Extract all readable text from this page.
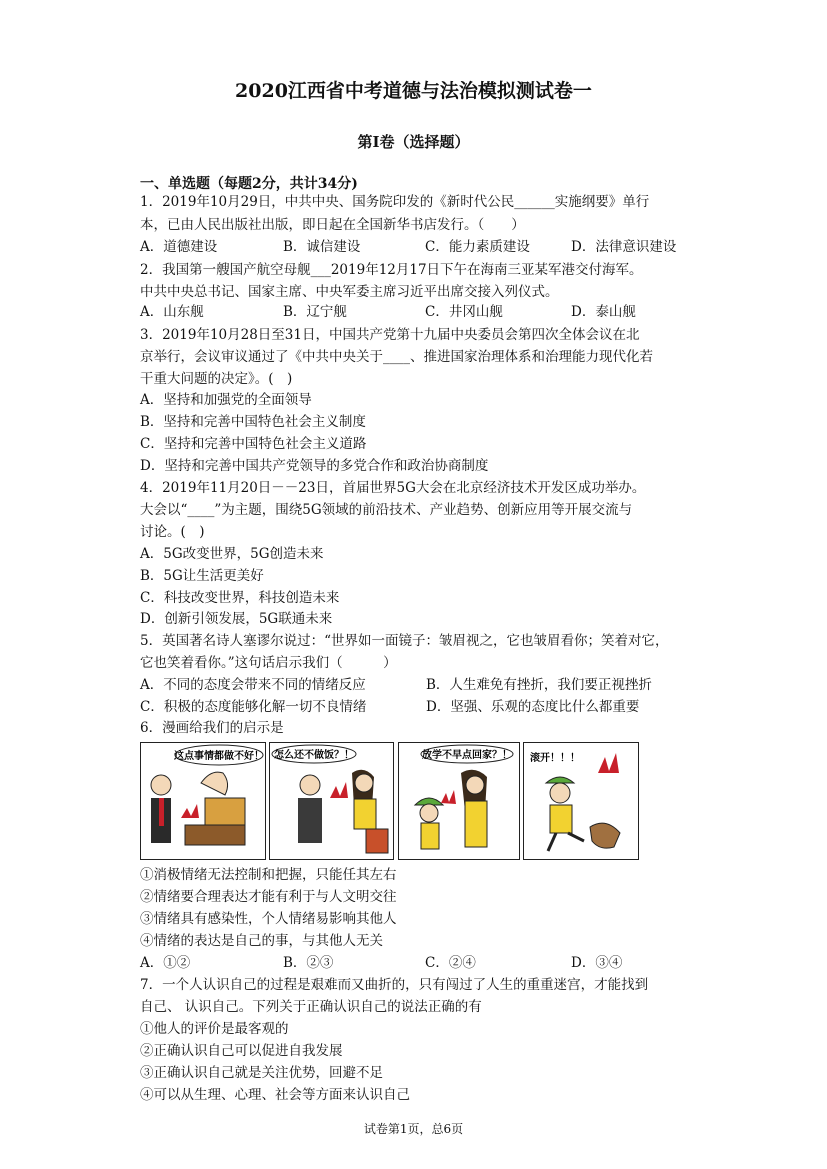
2020江西省中考道德与法治模拟测试卷一
第I卷（选择题）
一、单选题（每题2分，共计34分)
1．2019年10月29日，中共中央、国务院印发的《新时代公民______实施纲要》单行
本，已由人民出版社出版，即日起在全国新华书店发行。（　　）
A．道德建设	B．诚信建设	C．能力素质建设	D．法律意识建设
2．我国第一艘国产航空母舰___2019年12月17日下午在海南三亚某军港交付海军。
中共中央总书记、国家主席、中央军委主席习近平出席交接入列仪式。
A．山东舰	B．辽宁舰	C．井冈山舰	D．泰山舰
3．2019年10月28日至31日，中国共产党第十九届中央委员会第四次全体会议在北
京举行，会议审议通过了《中共中央关于____、推进国家治理体系和治理能力现代化若
干重大问题的决定》。(　)
A．坚持和加强党的全面领导
B．坚持和完善中国特色社会主义制度
C．坚持和完善中国特色社会主义道路
D．坚持和完善中国共产党领导的多党合作和政治协商制度
4．2019年11月20日－－23日，首届世界5G大会在北京经济技术开发区成功举办。
大会以“____”为主题，围绕5G领域的前沿技术、产业趋势、创新应用等开展交流与
讨论。(　)
A．5G改变世界，5G创造未来
B．5G让生活更美好
C．科技改变世界，科技创造未来
D．创新引领发展，5G联通未来
5．英国著名诗人塞谬尔说过：“世界如一面镜子：皱眉视之，它也皱眉看你；笑着对它，
它也笑着看你。”这句话启示我们（　　　）
A．不同的态度会带来不同的情绪反应	B．人生难免有挫折，我们要正视挫折
C．积极的态度能够化解一切不良情绪	D．坚强、乐观的态度比什么都重要
6．漫画给我们的启示是
这点事情都做不好！ 怎么还不做饭？！	放学不早点回家？！ 滚开！！！
①消极情绪无法控制和把握，只能任其左右
②情绪要合理表达才能有利于与人文明交往
③情绪具有感染性，个人情绪易影响其他人
④情绪的表达是自己的事，与其他人无关
A．①②	B．②③	C．②④	D．③④
7．一个人认识自己的过程是艰难而又曲折的，只有闯过了人生的重重迷宫，才能找到
自己、 认识自己。下列关于正确认识自己的说法正确的有
①他人的评价是最客观的
②正确认识自己可以促进自我发展
③正确认识自己就是关注优势，回避不足
④可以从生理、心理、社会等方面来认识自己
试卷第1页，总6页
